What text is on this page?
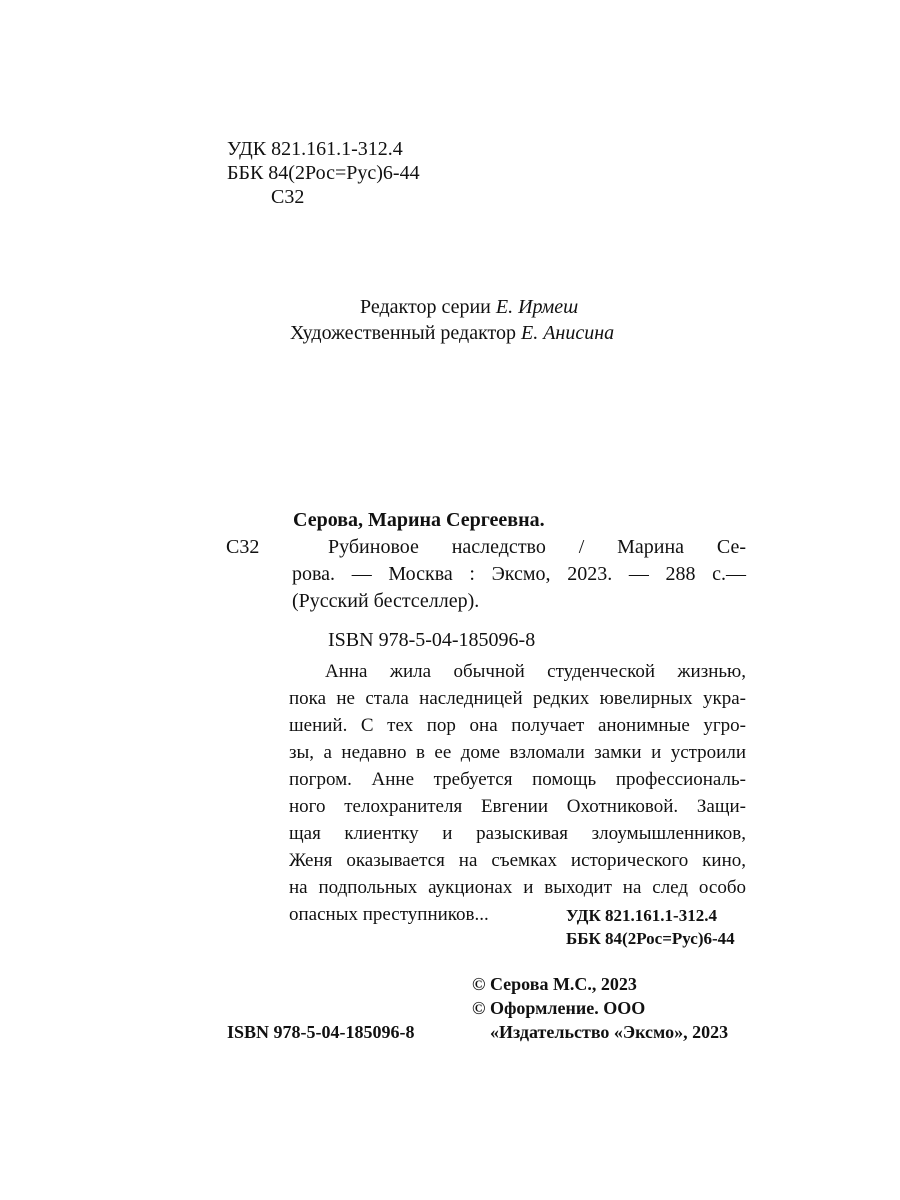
УДК 821.161.1-312.4
ББК 84(2Рос=Рус)6-44
С32
Редактор серии Е. Ирмеш
Художественный редактор Е. Анисина
Серова, Марина Сергеевна.
С32	Рубиновое наследство / Марина Се-
рова. — Москва : Эксмо, 2023. — 288 с.—
(Русский бестселлер).
ISBN 978-5-04-185096-8
Анна жила обычной студенческой жизнью,
пока не стала наследницей редких ювелирных укра-
шений. С тех пор она получает анонимные угро-
зы, а недавно в ее доме взломали замки и устроили
погром. Анне требуется помощь профессиональ-
ного телохранителя Евгении Охотниковой. Защи-
щая клиентку и разыскивая злоумышленников,
Женя оказывается на съемках исторического кино,
на подпольных аукционах и выходит на след особо
опасных преступников...	УДК 821.161.1-312.4
ББК 84(2Рос=Рус)6-44
© Серова М.С., 2023
© Оформление. ООО
«Издательство «Эксмо», 2023
ISBN 978-5-04-185096-8
